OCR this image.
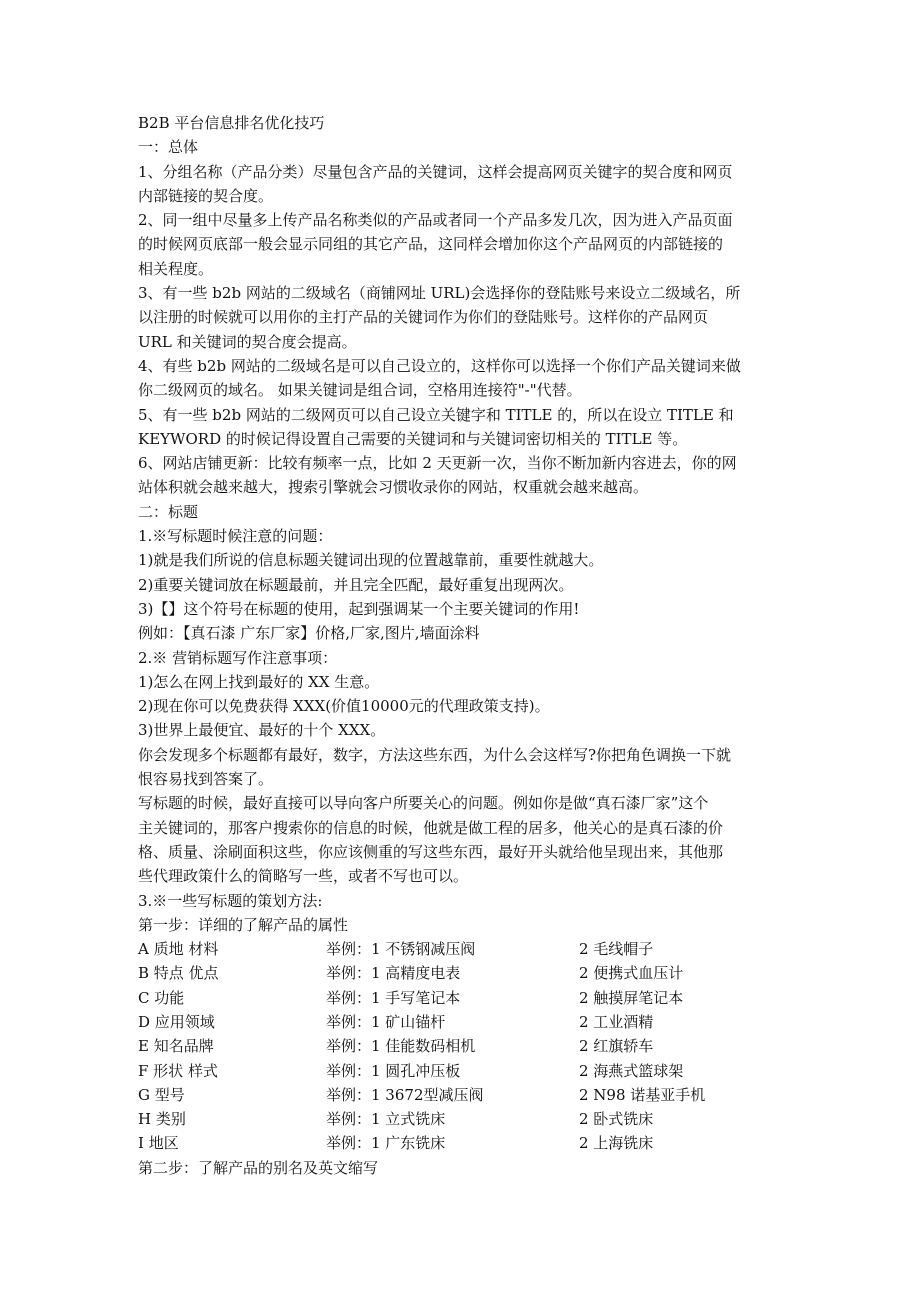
B2B 平台信息排名优化技巧
一：总体
1、分组名称（产品分类）尽量包含产品的关键词，这样会提高网页关键字的契合度和网页
内部链接的契合度。
2、同一组中尽量多上传产品名称类似的产品或者同一个产品多发几次，因为进入产品页面
的时候网页底部一般会显示同组的其它产品，这同样会增加你这个产品网页的内部链接的
相关程度。
3、有一些 b2b 网站的二级域名（商铺网址 URL)会选择你的登陆账号来设立二级域名，所
以注册的时候就可以用你的主打产品的关键词作为你们的登陆账号。这样你的产品网页
URL 和关键词的契合度会提高。
4、有些 b2b 网站的二级域名是可以自己设立的，这样你可以选择一个你们产品关键词来做
你二级网页的域名。 如果关键词是组合词，空格用连接符"-"代替。
5、有一些 b2b 网站的二级网页可以自己设立关键字和 TITLE 的，所以在设立 TITLE 和
KEYWORD 的时候记得设置自己需要的关键词和与关键词密切相关的 TITLE 等。
6、网站店铺更新：比较有频率一点，比如 2 天更新一次，当你不断加新内容进去，你的网
站体积就会越来越大，搜索引擎就会习惯收录你的网站，权重就会越来越高。
二：标题
1.※写标题时候注意的问题：
1)就是我们所说的信息标题关键词出现的位置越靠前，重要性就越大。
2)重要关键词放在标题最前，并且完全匹配，最好重复出现两次。
3)【】这个符号在标题的使用，起到强调某一个主要关键词的作用!
例如：【真石漆 广东厂家】价格,厂家,图片,墙面涂料
2.※ 营销标题写作注意事项：
1)怎么在网上找到最好的 XX 生意。
2)现在你可以免费获得 XXX(价值10000元的代理政策支持)。
3)世界上最便宜、最好的十个 XXX。
你会发现多个标题都有最好，数字，方法这些东西，为什么会这样写?你把角色调换一下就
恨容易找到答案了。
写标题的时候，最好直接可以导向客户所要关心的问题。例如你是做“真石漆厂家”这个
主关键词的，那客户搜索你的信息的时候，他就是做工程的居多，他关心的是真石漆的价
格、质量、涂刷面积这些，你应该侧重的写这些东西，最好开头就给他呈现出来，其他那
些代理政策什么的简略写一些，或者不写也可以。
3.※一些写标题的策划方法:
第一步：详细的了解产品的属性
A 质地 材料	举例：1 不锈钢减压阀	2 毛线帽子
B 特点 优点	举例：1 高精度电表	2 便携式血压计
C 功能	举例：1 手写笔记本	2 触摸屏笔记本
D 应用领域	举例：1 矿山锚杆	2 工业酒精
E 知名品牌	举例：1 佳能数码相机	2 红旗轿车
F 形状 样式	举例：1 圆孔冲压板	2 海燕式篮球架
G 型号	举例：1 3672型减压阀	2 N98 诺基亚手机
H 类别	举例：1 立式铣床	2 卧式铣床
I 地区	举例：1 广东铣床	2 上海铣床
第二步：了解产品的别名及英文缩写
